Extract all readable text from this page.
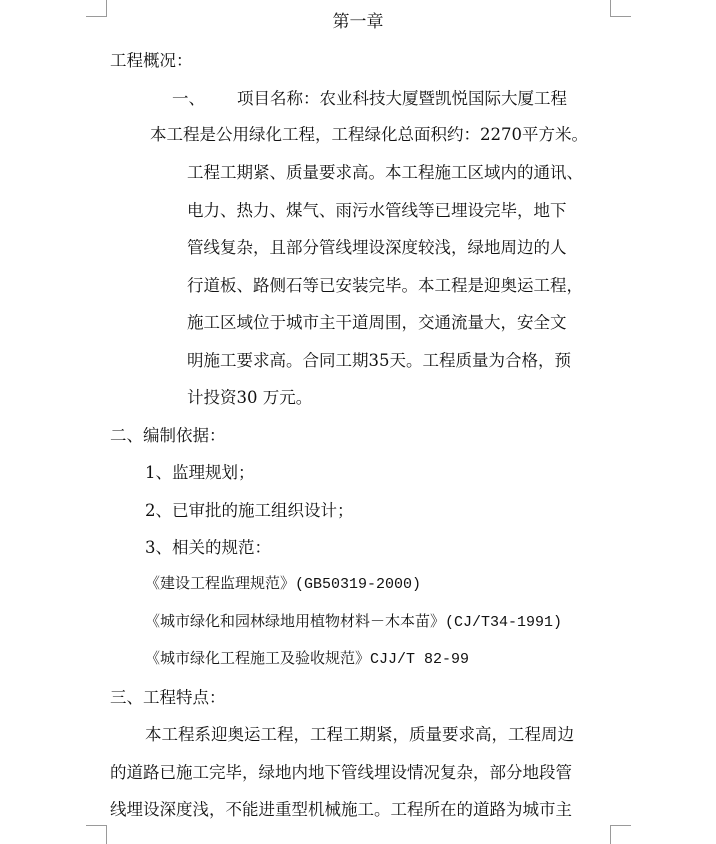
第一章
工程概况：
一、 项目名称：农业科技大厦暨凯悦国际大厦工程
本工程是公用绿化工程，工程绿化总面积约：2270平方米。
工程工期紧、质量要求高。本工程施工区域内的通讯、
电力、热力、煤气、雨污水管线等已埋设完毕，地下
管线复杂，且部分管线埋设深度较浅，绿地周边的人
行道板、路侧石等已安装完毕。本工程是迎奥运工程，
施工区域位于城市主干道周围，交通流量大，安全文
明施工要求高。合同工期35天。工程质量为合格，预
计投资30 万元。
二、编制依据：
1、监理规划；
2、已审批的施工组织设计；
3、相关的规范：
《建设工程监理规范》(GB50319-2000)
《城市绿化和园林绿地用植物材料－木本苗》(CJ/T34-1991)
《城市绿化工程施工及验收规范》CJJ/T 82-99
三、工程特点：
本工程系迎奥运工程，工程工期紧，质量要求高，工程周边
的道路已施工完毕，绿地内地下管线埋设情况复杂，部分地段管
线埋设深度浅，不能进重型机械施工。工程所在的道路为城市主
